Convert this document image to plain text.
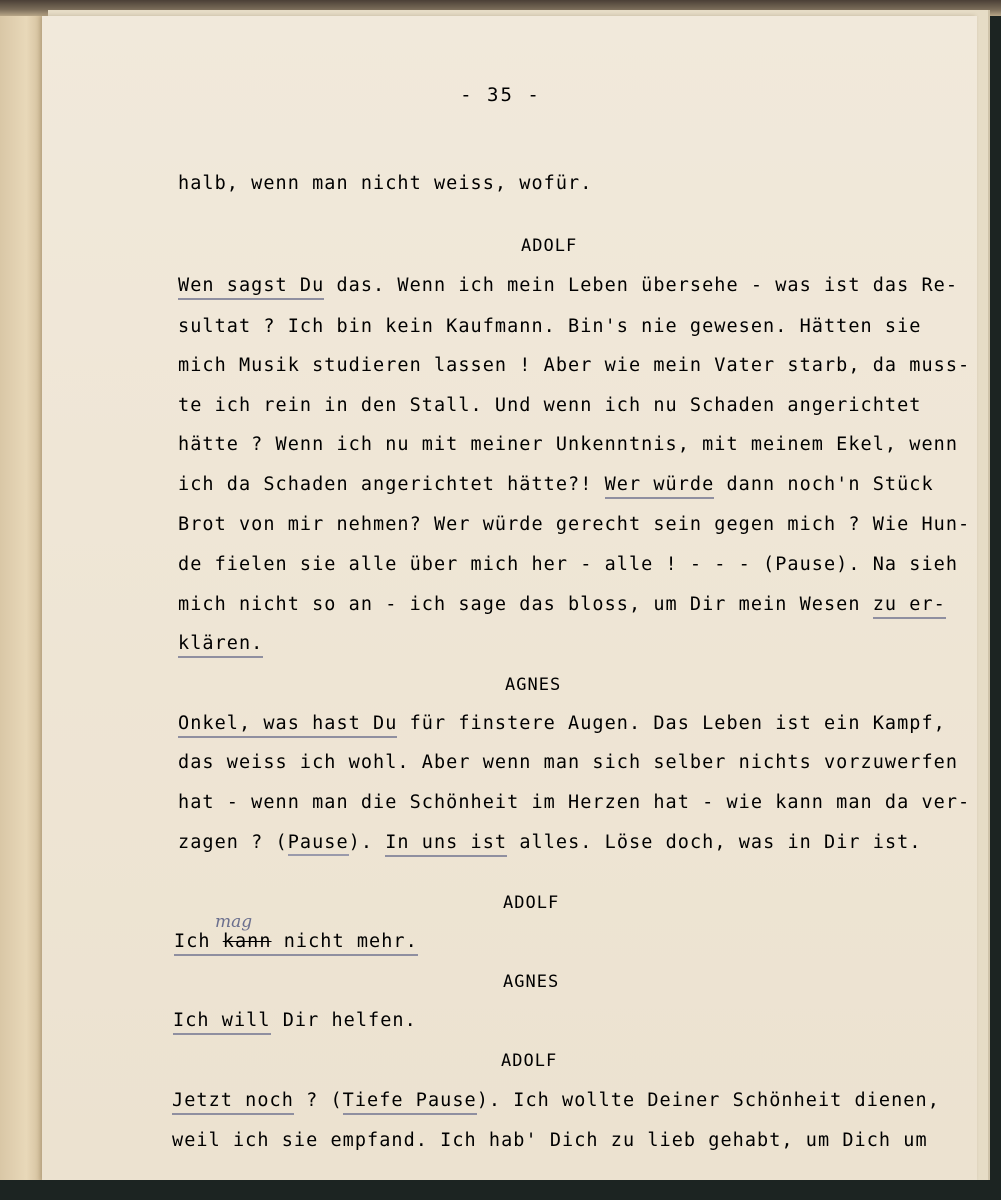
- 35 -
halb, wenn man nicht weiss, wofür.
ADOLF
Wen sagst Du das. Wenn ich mein Leben übersehe - was ist das Re-
sultat ? Ich bin kein Kaufmann. Bin's nie gewesen. Hätten sie
mich Musik studieren lassen ! Aber wie mein Vater starb, da muss-
te ich rein in den Stall. Und wenn ich nu Schaden angerichtet
hätte ? Wenn ich nu mit meiner Unkenntnis, mit meinem Ekel, wenn
ich da Schaden angerichtet hätte?! Wer würde dann noch'n Stück
Brot von mir nehmen? Wer würde gerecht sein gegen mich ? Wie Hun-
de fielen sie alle über mich her - alle ! - - - (Pause). Na sieh
mich nicht so an - ich sage das bloss, um Dir mein Wesen zu er-
klären.
AGNES
Onkel, was hast Du für finstere Augen. Das Leben ist ein Kampf,
das weiss ich wohl. Aber wenn man sich selber nichts vorzuwerfen
hat - wenn man die Schönheit im Herzen hat - wie kann man da ver-
zagen ? (Pause). In uns ist alles. Löse doch, was in Dir ist.
ADOLF
mag
Ich kann nicht mehr.
AGNES
Ich will Dir helfen.
ADOLF
Jetzt noch ? (Tiefe Pause). Ich wollte Deiner Schönheit dienen,
weil ich sie empfand. Ich hab' Dich zu lieb gehabt, um Dich um
